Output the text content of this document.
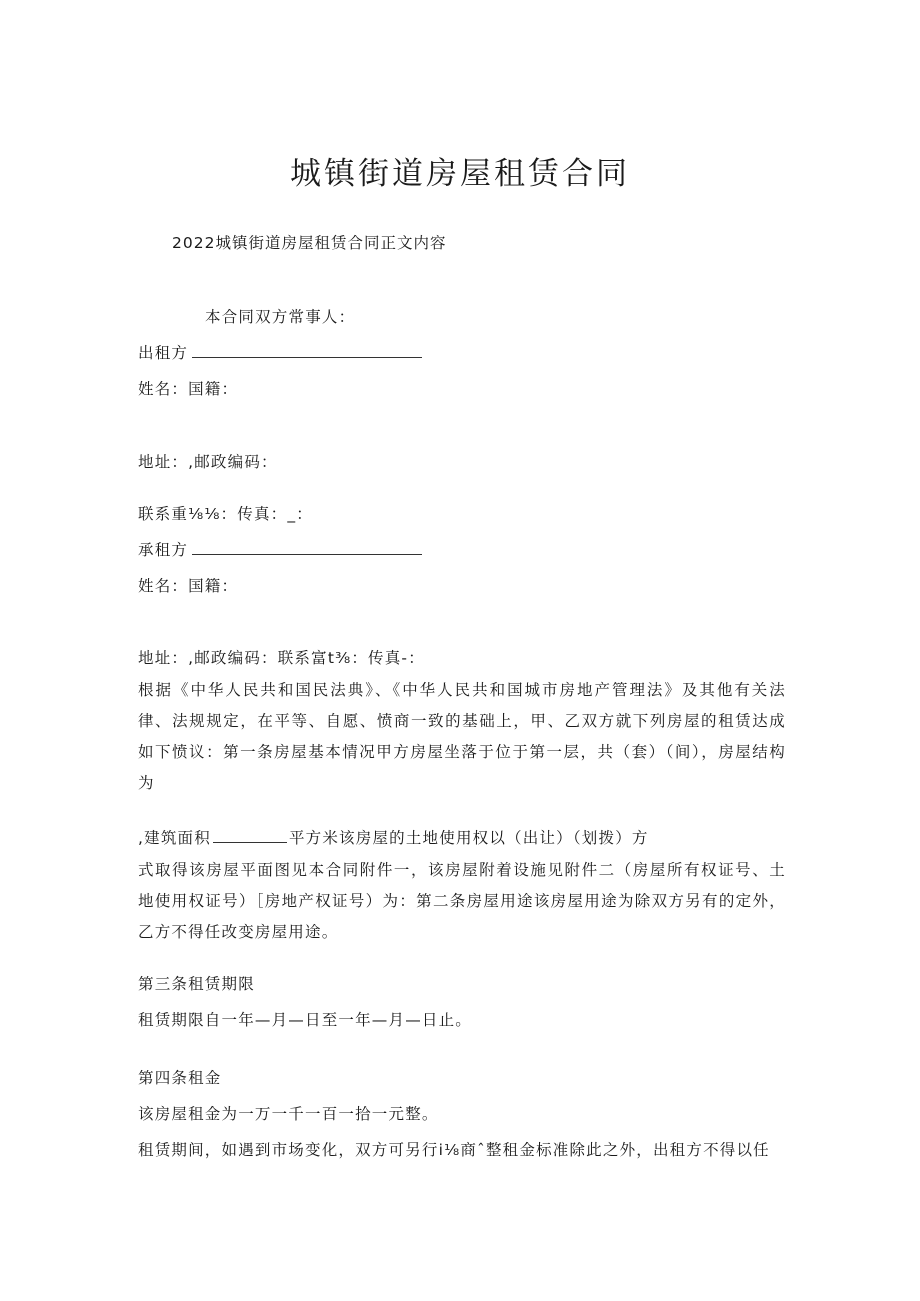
城镇街道房屋租赁合同

2022城镇街道房屋租赁合同正文内容

本合同双方常事人：

出租方

姓名：国籍：

地址：,邮政编码：

联系重⅛⅛：传真：_：

承租方

姓名：国籍：

地址：,邮政编码：联系富t⅜：传真-：

根据《中华人民共和国民法典》、《中华人民共和国城市房地产管理法》及其他有关法律、法规规定，在平等、自愿、愤商一致的基础上，甲、乙双方就下列房屋的租赁达成如下愤议：第一条房屋基本情况甲方房屋坐落于位于第一层，共（套）（间），房屋结构为

,建筑面积	平方米该房屋的土地使用权以（出让）（划拨）方

式取得该房屋平面图见本合同附件一，该房屋附着设施见附件二（房屋所有权证号、土地使用权证号）［房地产权证号）为：第二条房屋用途该房屋用途为除双方另有的定外，乙方不得任改变房屋用途。

第三条租赁期限

租赁期限自一年—月—日至一年—月—日止。

第四条租金

该房屋租金为一万一千一百一拾一元整。

租赁期间，如遇到市场变化，双方可另行i⅛商ˆ整租金标准除此之外，出租方不得以任
